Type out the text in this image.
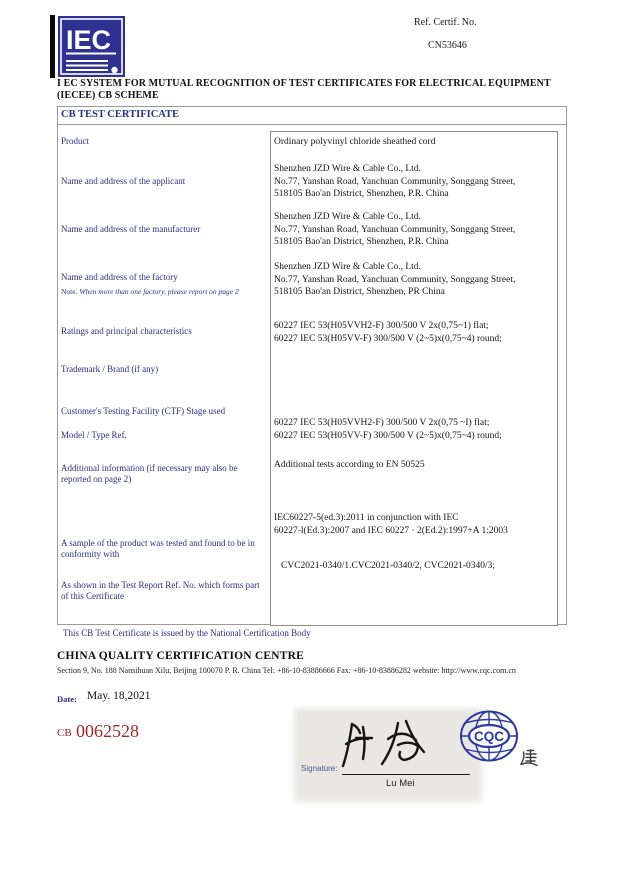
IEC
Ref. Certif. No.
CN53646
I EC SYSTEM FOR MUTUAL RECOGNITION OF TEST CERTIFICATES FOR ELECTRICAL EQUIPMENT
(IECEE) CB SCHEME
CB TEST CERTIFICATE
Product
Name and address of the applicant
Name and address of the manufacturer
Name and address of the factory
Note. When more than one factory, please report on page 2
Ratings and principal characteristics
Trademark / Brand (if any)
Customer's Testing Facility (CTF) Stage used
Model / Type Ref.
Additional information (if necessary may also be reported on page 2)
A sample of the product was tested and found to be in conformity with
As shown in the Test Report Ref. No. which forms part of this Certificate
Ordinary polyvinyl chloride sheathed cord
Shenzhen JZD Wire & Cable Co., Ltd.
No.77, Yanshan Road, Yanchuan Community, Songgang Street,
518105 Bao'an District, Shenzhen, P.R. China
Shenzhen JZD Wire & Cable Co., Ltd.
No.77, Yanshan Road, Yanchuan Community, Songgang Street,
518105 Bao'an District, Shenzhen, P.R. China
Shenzhen JZD Wire & Cable Co., Ltd.
No.77, Yanshan Road, Yanchuan Community, Songgang Street,
518105 Bao'an District, Shenzhen, PR China
60227 IEC 53(H05VVH2-F) 300/500 V 2x(0,75~1) flat;
60227 IEC 53(H05VV-F) 300/500 V (2~5)x(0,75~4) round;
60227 IEC 53(H05VVH2-F) 300/500 V 2x(0,75 ~I) flat;
60227 IEC 53(H05VV-F) 300/500 V (2~5)x(0,75~4) round;
Additional tests according to EN 50525
IEC60227-5(ed.3):2011 in conjunction with IEC
60227-l(Ed.3):2007 and IEC 60227 · 2(Ed.2):1997+A 1:2003
CVC2021-0340/1.CVC2021-0340/2, CVC2021-0340/3;
This CB Test Certificate is issued by the National Certification Body
CHINA QUALITY CERTIFICATION CENTRE
Section 9, No. 188 Nansihuan Xilu, Beijing 100070 P. R. China Tel: +86-10-83886666 Fax: +86-10-83886282 website: http://www.cqc.com.cn
Date: May. 18,2021
CB 0062528
Signature:
Lu Mei
CQC
